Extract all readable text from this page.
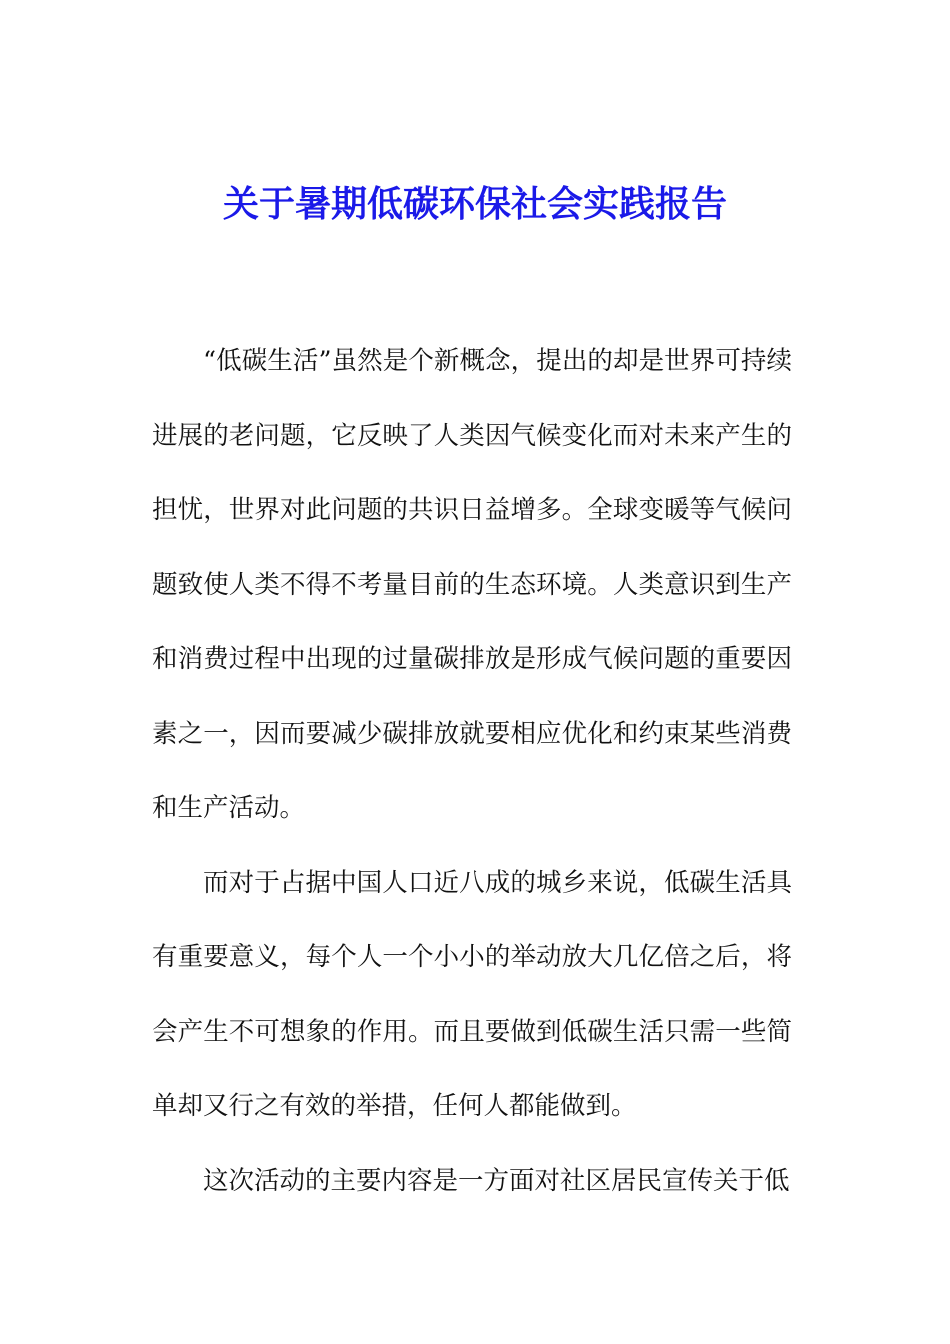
关于暑期低碳环保社会实践报告

“低碳生活”虽然是个新概念，提出的却是世界可持续进展的老问题，它反映了人类因气候变化而对未来产生的担忧，世界对此问题的共识日益增多。全球变暖等气候问题致使人类不得不考量目前的生态环境。人类意识到生产和消费过程中出现的过量碳排放是形成气候问题的重要因素之一，因而要减少碳排放就要相应优化和约束某些消费和生产活动。

而对于占据中国人口近八成的城乡来说，低碳生活具有重要意义，每个人一个小小的举动放大几亿倍之后，将会产生不可想象的作用。而且要做到低碳生活只需一些简单却又行之有效的举措，任何人都能做到。

这次活动的主要内容是一方面对社区居民宣传关于低
